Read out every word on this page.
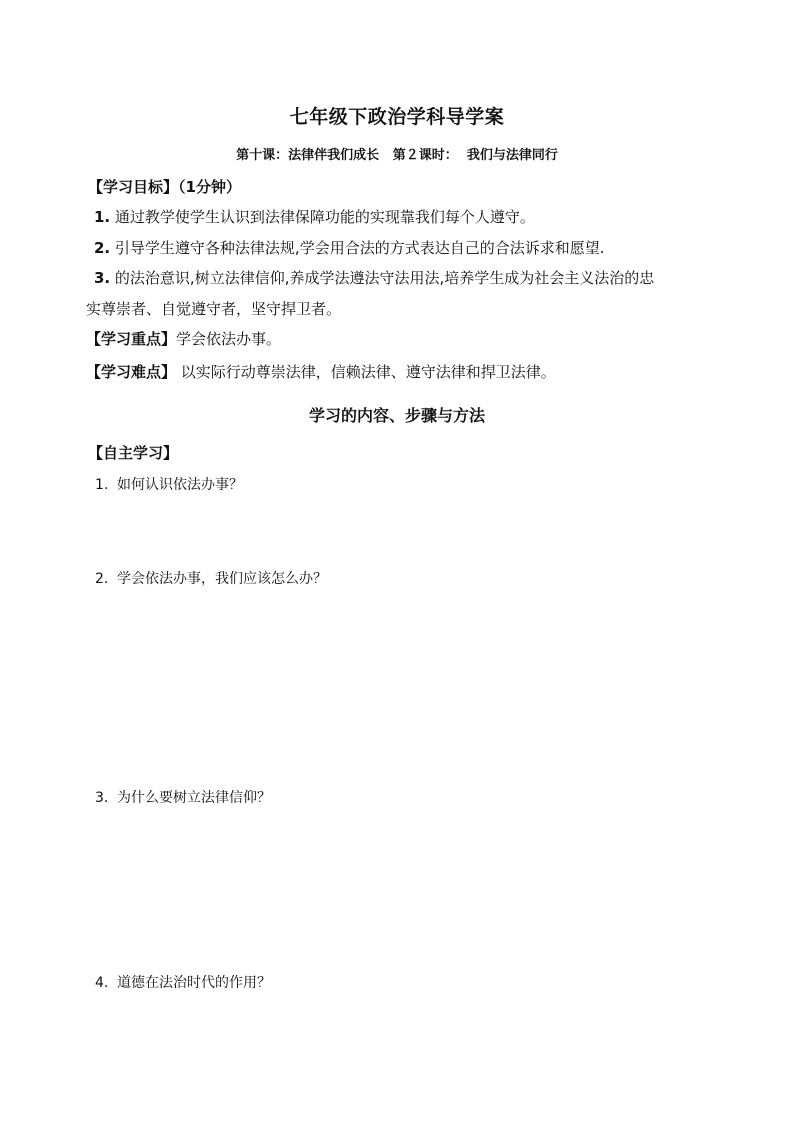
七年级下政治学科导学案
第十课：法律伴我们成长 第２课时： 我们与法律同行
【学习目标】（1分钟）
1. 通过教学使学生认识到法律保障功能的实现靠我们每个人遵守。
2. 引导学生遵守各种法律法规,学会用合法的方式表达自己的合法诉求和愿望.
3. 的法治意识,树立法律信仰,养成学法遵法守法用法,培养学生成为社会主义法治的忠
实尊崇者、自觉遵守者，坚守捍卫者。
【学习重点】学会依法办事。
【学习难点】 以实际行动尊崇法律，信赖法律、遵守法律和捍卫法律。
学习的内容、步骤与方法
【自主学习】
1. 如何认识依法办事？
2. 学会依法办事，我们应该怎么办？
3. 为什么要树立法律信仰？
4. 道德在法治时代的作用？
